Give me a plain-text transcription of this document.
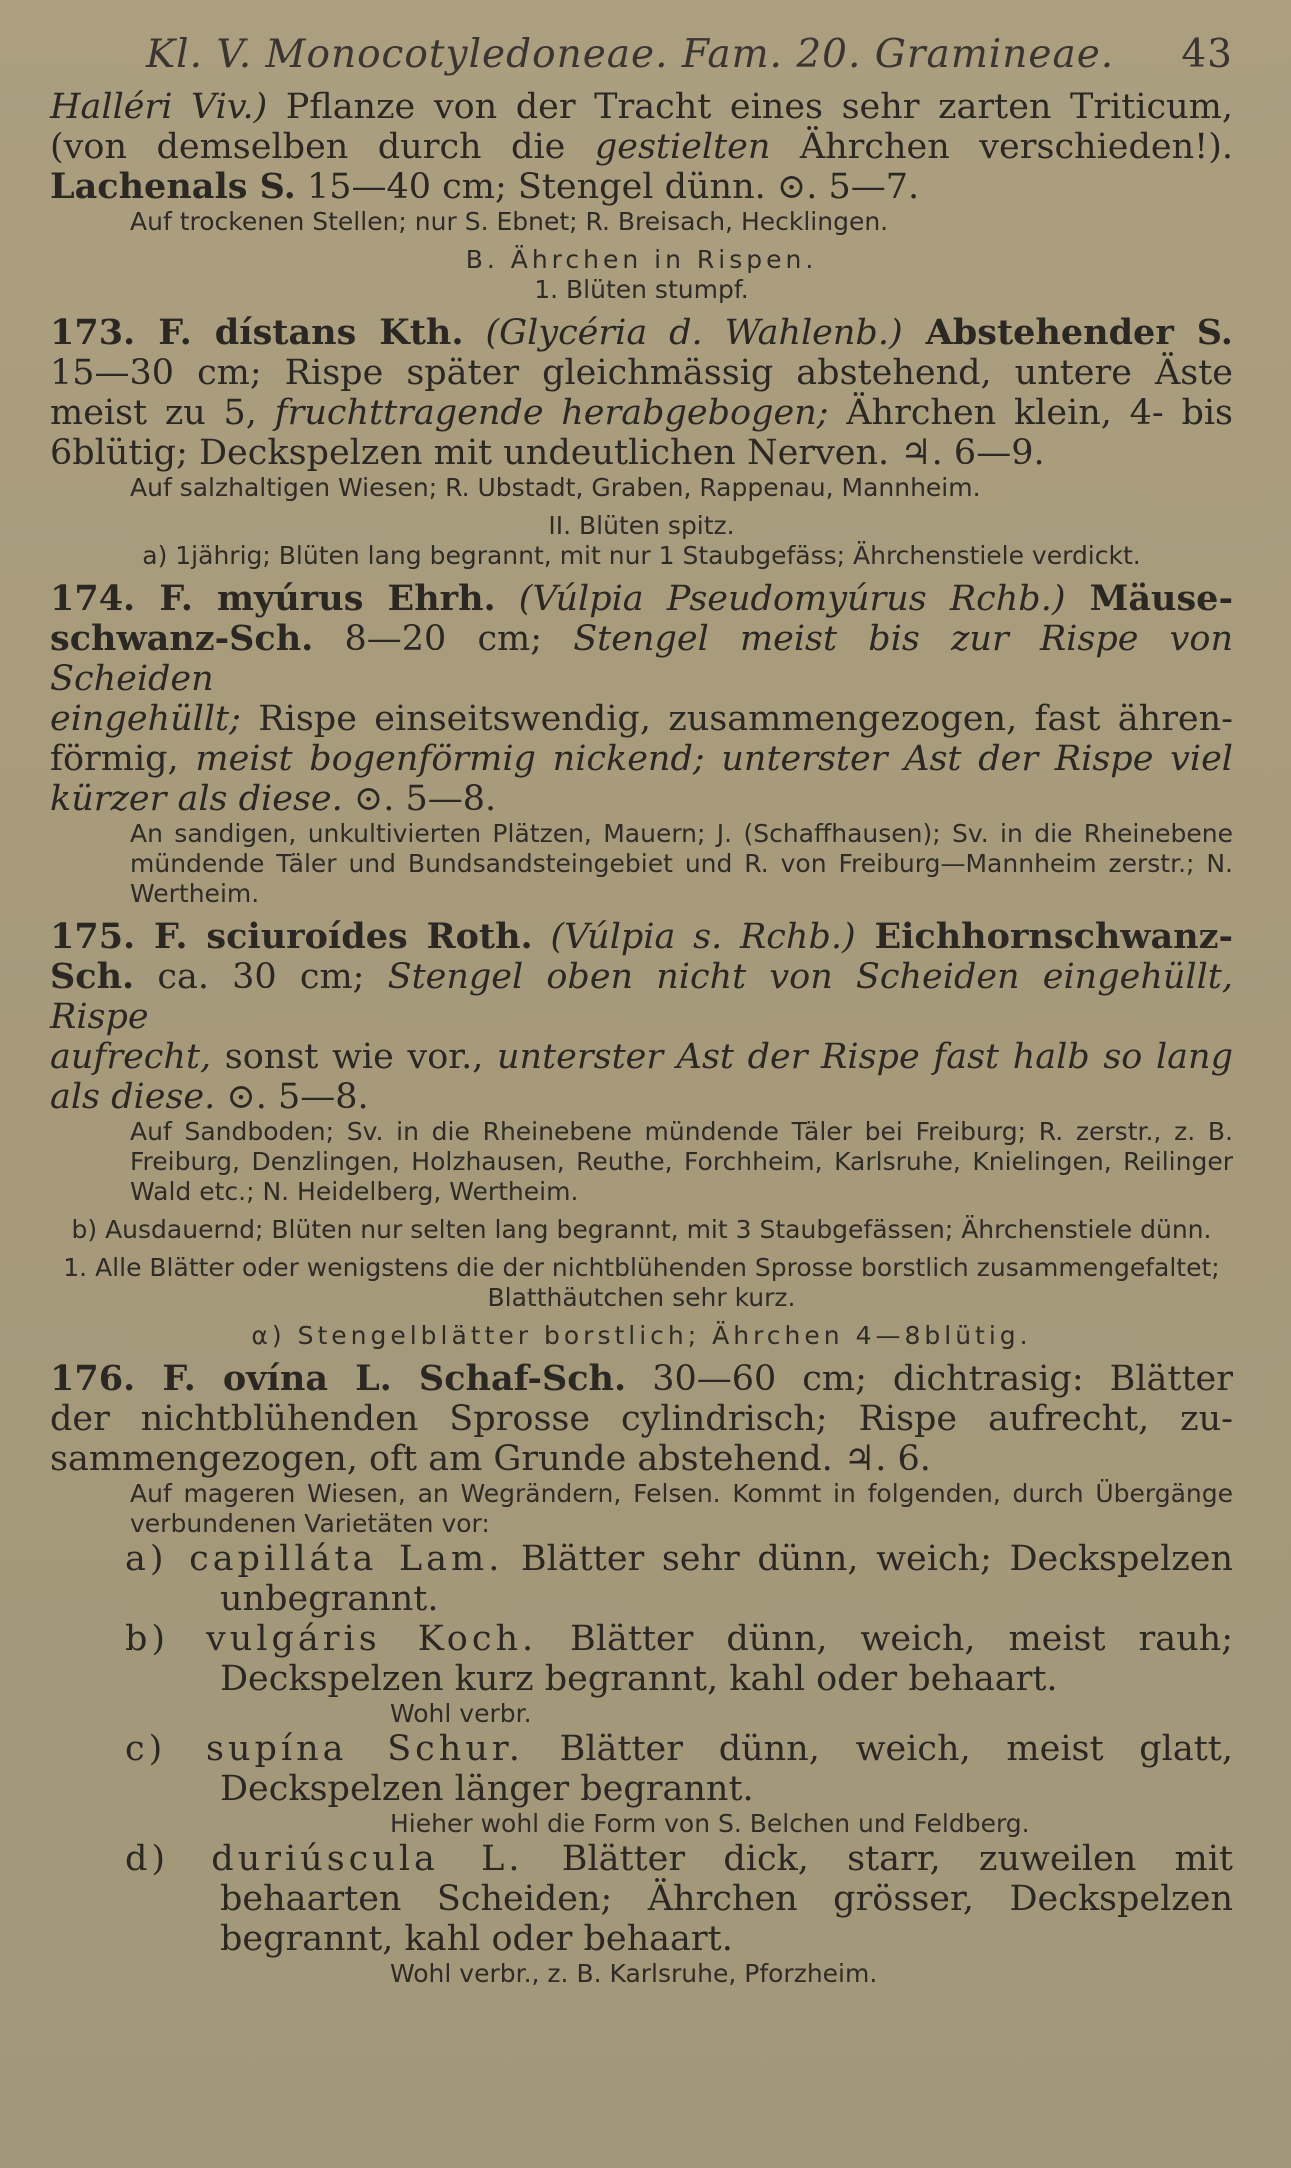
Kl. V. Monocotyledoneae. Fam. 20. Gramineae. 43

Halléri Viv.) Pflanze von der Tracht eines sehr zarten Triticum,

(von demselben durch die gestielten Ährchen verschieden!).

Lachenals S. 15—40 cm; Stengel dünn. ⊙. 5—7.

Auf trockenen Stellen; nur S. Ebnet; R. Breisach, Hecklingen.

B. Ährchen in Rispen.

1. Blüten stumpf.

173. F. dístans Kth. (Glycéria d. Wahlenb.) Abstehender S.

15—30 cm; Rispe später gleichmässig abstehend, untere Äste

meist zu 5, fruchttragende herabgebogen; Ährchen klein, 4- bis

6blütig; Deckspelzen mit undeutlichen Nerven. ♃. 6—9.

Auf salzhaltigen Wiesen; R. Ubstadt, Graben, Rappenau, Mannheim.

II. Blüten spitz.

a) 1jährig; Blüten lang begrannt, mit nur 1 Staubgefäss; Ährchenstiele verdickt.

174. F. myúrus Ehrh. (Vúlpia Pseudomyúrus Rchb.) Mäuse-

schwanz-Sch. 8—20 cm; Stengel meist bis zur Rispe von Scheiden

eingehüllt; Rispe einseitswendig, zusammengezogen, fast ähren-

förmig, meist bogenförmig nickend; unterster Ast der Rispe viel

kürzer als diese. ⊙. 5—8.

An sandigen, unkultivierten Plätzen, Mauern; J. (Schaffhausen); Sv. in die Rheinebene mündende Täler und Bundsandsteingebiet und R. von Freiburg—Mannheim zerstr.; N. Wertheim.

175. F. sciuroídes Roth. (Vúlpia s. Rchb.) Eichhornschwanz-

Sch. ca. 30 cm; Stengel oben nicht von Scheiden eingehüllt, Rispe

aufrecht, sonst wie vor., unterster Ast der Rispe fast halb so lang

als diese. ⊙. 5—8.

Auf Sandboden; Sv. in die Rheinebene mündende Täler bei Freiburg; R. zerstr., z. B. Freiburg, Denzlingen, Holzhausen, Reuthe, Forchheim, Karlsruhe, Knielingen, Reilinger Wald etc.; N. Heidelberg, Wertheim.

b) Ausdauernd; Blüten nur selten lang begrannt, mit 3 Staubgefässen; Ährchenstiele dünn.

1. Alle Blätter oder wenigstens die der nichtblühenden Sprosse borstlich zusammengefaltet; Blatthäutchen sehr kurz.

α) Stengelblätter borstlich; Ährchen 4—8blütig.

176. F. ovína L. Schaf-Sch. 30—60 cm; dichtrasig: Blätter

der nichtblühenden Sprosse cylindrisch; Rispe aufrecht, zu-

sammengezogen, oft am Grunde abstehend. ♃. 6.

Auf mageren Wiesen, an Wegrändern, Felsen. Kommt in folgenden, durch Übergänge verbundenen Varietäten vor:

a) capilláta Lam. Blätter sehr dünn, weich; Deckspelzen unbegrannt.

b) vulgáris Koch. Blätter dünn, weich, meist rauh; Deckspelzen kurz begrannt, kahl oder behaart.

Wohl verbr.

c) supína Schur. Blätter dünn, weich, meist glatt, Deckspelzen länger begrannt.

Hieher wohl die Form von S. Belchen und Feldberg.

d) duriúscula L. Blätter dick, starr, zuweilen mit behaarten Scheiden; Ährchen grösser, Deckspelzen begrannt, kahl oder behaart.

Wohl verbr., z. B. Karlsruhe, Pforzheim.
